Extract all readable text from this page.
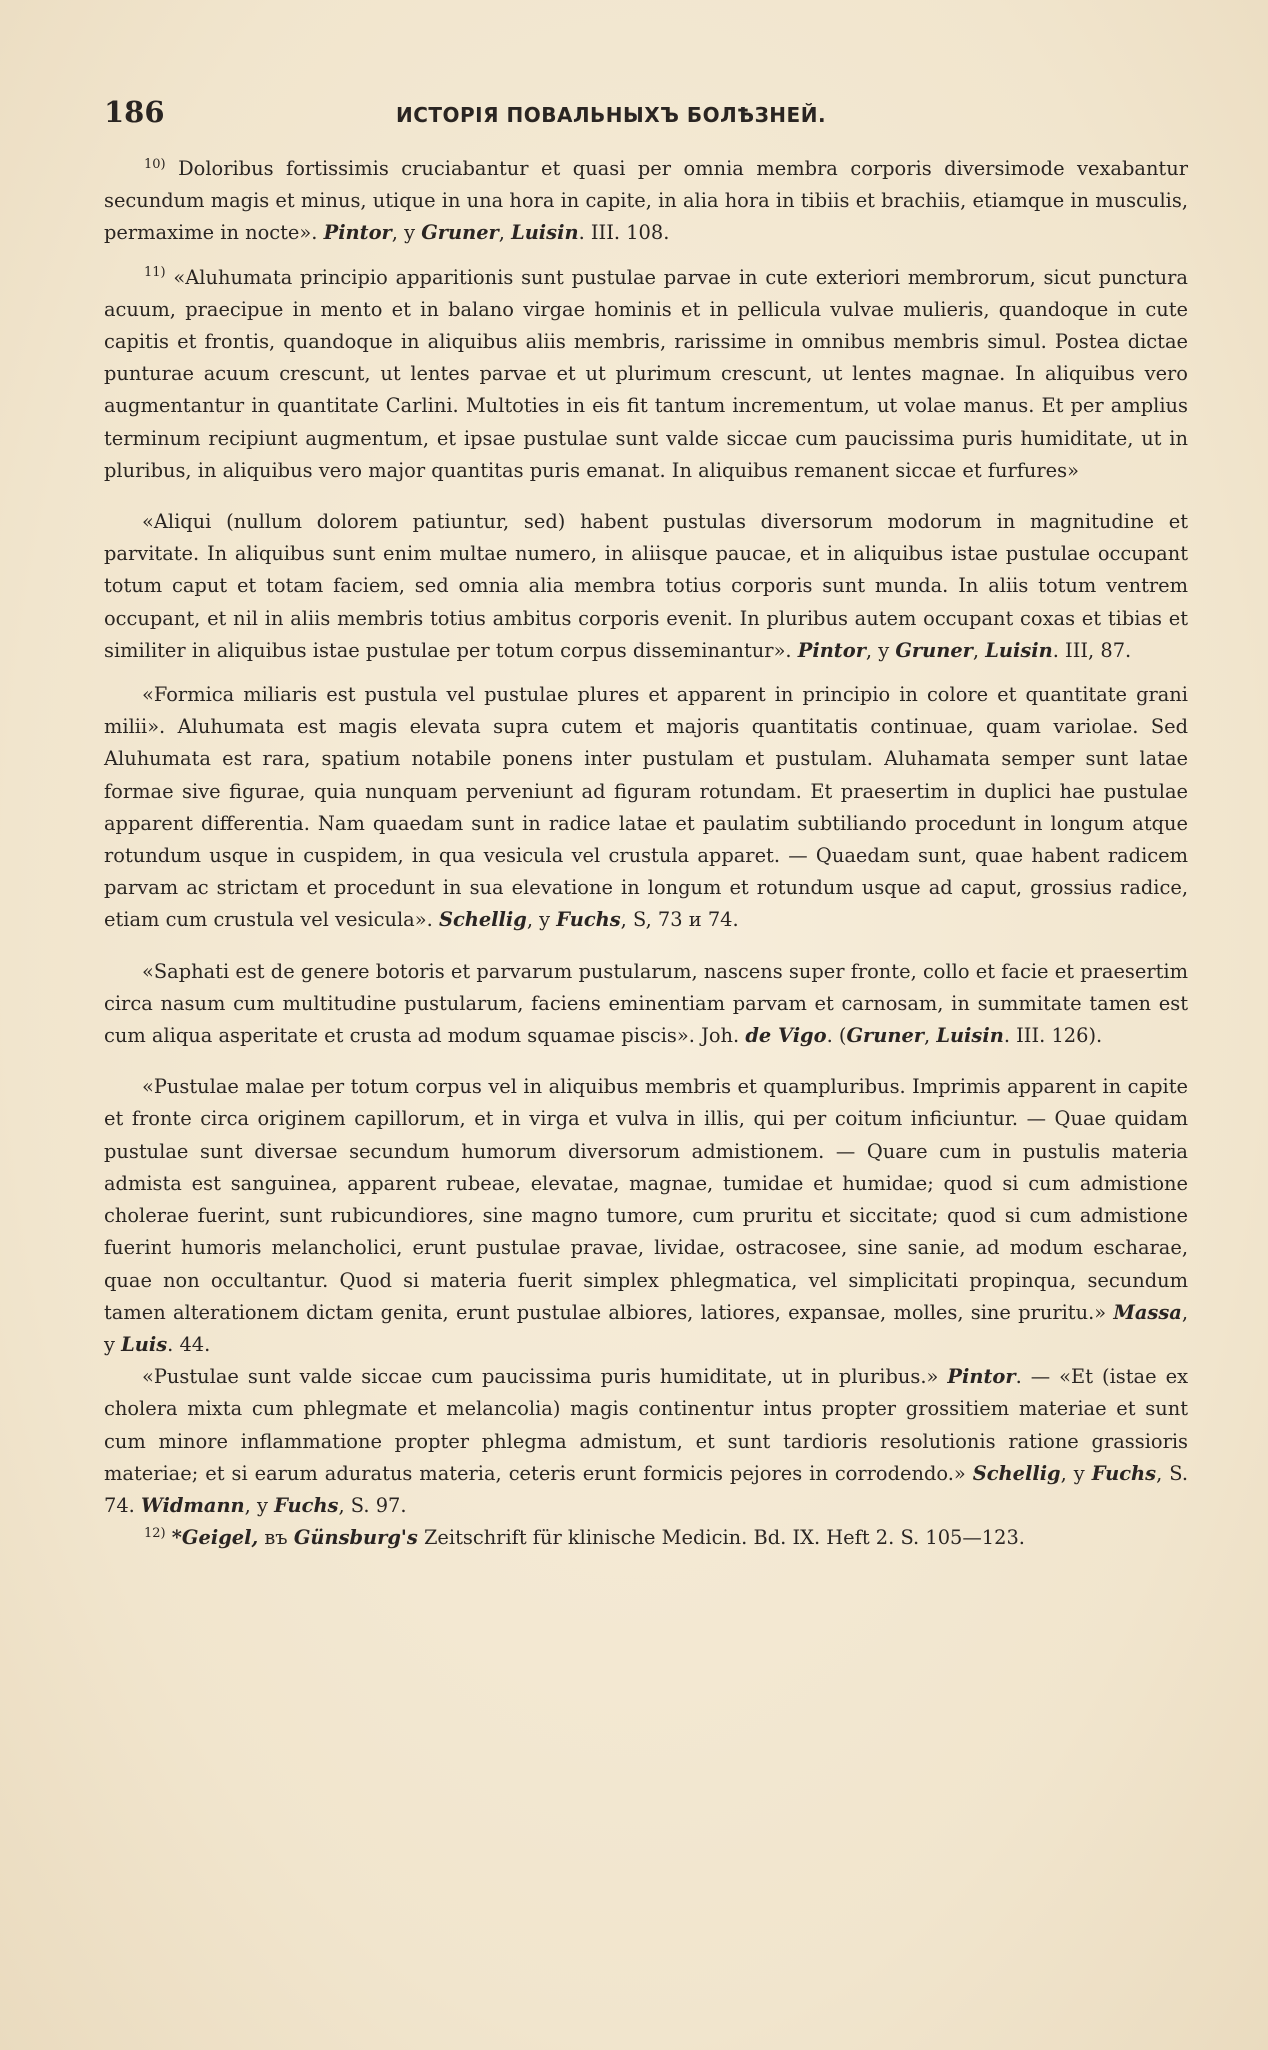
186	ИСТОРІЯ ПОВАЛЬНЫХЪ БОЛѢЗНЕЙ.

$^{10)}$ Doloribus fortissimis cruciabantur et quasi per omnia membra corporis diversimode vexabantur secundum magis et minus, utique in una hora in capite, in alia hora in tibiis et brachiis, etiamque in musculis, permaxime in nocte». Pintor, y Gruner, Luisin. III. 108.

$^{11)}$ «Aluhumata principio apparitionis sunt pustulae parvae in cute exteriori membrorum, sicut punctura acuum, praecipue in mento et in balano virgae hominis et in pellicula vulvae mulieris, quandoque in cute capitis et frontis, quandoque in aliquibus aliis membris, rarissime in omnibus membris simul. Postea dictae punturae acuum crescunt, ut lentes parvae et ut plurimum crescunt, ut lentes magnae. In aliquibus vero augmentantur in quantitate Carlini. Multoties in eis fit tantum incrementum, ut volae manus. Et per amplius terminum recipiunt augmentum, et ipsae pustulae sunt valde siccae cum paucissima puris humiditate, ut in pluribus, in aliquibus vero major quantitas puris emanat. In aliquibus remanent siccae et furfures»

«Aliqui (nullum dolorem patiuntur, sed) habent pustulas diversorum modorum in magnitudine et parvitate. In aliquibus sunt enim multae numero, in aliisque paucae, et in aliquibus istae pustulae occupant totum caput et totam faciem, sed omnia alia membra totius corporis sunt munda. In aliis totum ventrem occupant, et nil in aliis membris totius ambitus corporis evenit. In pluribus autem occupant coxas et tibias et similiter in aliquibus istae pustulae per totum corpus disseminantur». Pintor, y Gruner, Luisin. III, 87.

«Formica miliaris est pustula vel pustulae plures et apparent in principio in colore et quantitate grani milii». Aluhumata est magis elevata supra cutem et majoris quantitatis continuae, quam variolae. Sed Aluhumata est rara, spatium notabile ponens inter pustulam et pustulam. Aluhamata semper sunt latae formae sive figurae, quia nunquam perveniunt ad figuram rotundam. Et praesertim in duplici hae pustulae apparent differentia. Nam quaedam sunt in radice latae et paulatim subtiliando procedunt in longum atque rotundum usque in cuspidem, in qua vesicula vel crustula apparet. — Quaedam sunt, quae habent radicem parvam ac strictam et procedunt in sua elevatione in longum et rotundum usque ad caput, grossius radice, etiam cum crustula vel vesicula». Schellig, y Fuchs, S, 73 и 74.

«Saphati est de genere botoris et parvarum pustularum, nascens super fronte, collo et facie et praesertim circa nasum cum multitudine pustularum, faciens eminentiam parvam et carnosam, in summitate tamen est cum aliqua asperitate et crusta ad modum squamae piscis». Joh. de Vigo. (Gruner, Luisin. III. 126).

«Pustulae malae per totum corpus vel in aliquibus membris et quampluribus. Imprimis apparent in capite et fronte circa originem capillorum, et in virga et vulva in illis, qui per coitum inficiuntur. — Quae quidam pustulae sunt diversae secundum humorum diversorum admistionem. — Quare cum in pustulis materia admista est sanguinea, apparent rubeae, elevatae, magnae, tumidae et humidae; quod si cum admistione cholerae fuerint, sunt rubicundiores, sine magno tumore, cum pruritu et siccitate; quod si cum admistione fuerint humoris melancholici, erunt pustulae pravae, lividae, ostracosee, sine sanie, ad modum escharae, quae non occultantur. Quod si materia fuerit simplex phlegmatica, vel simplicitati propinqua, secundum tamen alterationem dictam genita, erunt pustulae albiores, latiores, expansae, molles, sine pruritu.» Massa, y Luis. 44.

«Pustulae sunt valde siccae cum paucissima puris humiditate, ut in pluribus.» Pintor. — «Et (istae ex cholera mixta cum phlegmate et melancolia) magis continentur intus propter grossitiem materiae et sunt cum minore inflammatione propter phlegma admistum, et sunt tardioris resolutionis ratione grassioris materiae; et si earum aduratus materia, ceteris erunt formicis pejores in corrodendo.» Schellig, y Fuchs, S. 74. Widmann, y Fuchs, S. 97.

$^{12)}$ *Geigel, въ Günsburg's Zeitschrift für klinische Medicin. Bd. IX. Heft 2. S. 105—123.
